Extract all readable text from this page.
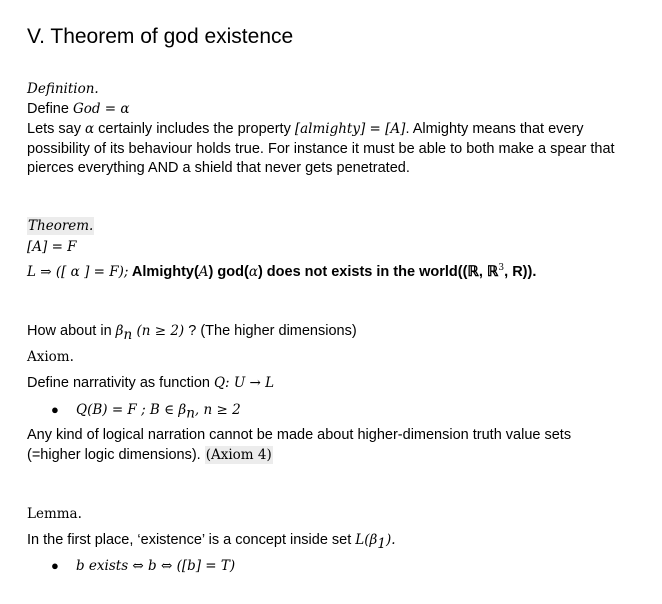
V. Theorem of god existence
Definition.
Define God = α
Lets say α certainly includes the property [almighty] = [A]. Almighty means that every
possibility of its behaviour holds true. For instance it must be able to both make a spear that
pierces everything AND a shield that never gets penetrated.
Theorem.
[A] = F
L ⇒ ([ α ] = F); Almighty(A) god(α) does not exists in the world((ℝ, ℝ$^3$, R)).
How about in $\beta_n$ (n ≥ 2) ? (The higher dimensions)
Axiom.
Define narrativity as function Q: U → L
● Q(B) = F ; B ∈ $\beta_n$, n ≥ 2
Any kind of logical narration cannot be made about higher-dimension truth value sets
(=higher logic dimensions). (Axiom 4)
Lemma.
In the first place, ‘existence’ is a concept inside set $L(\beta_1)$.
● b exists ⇔ b ⇔ ([b] = T)
